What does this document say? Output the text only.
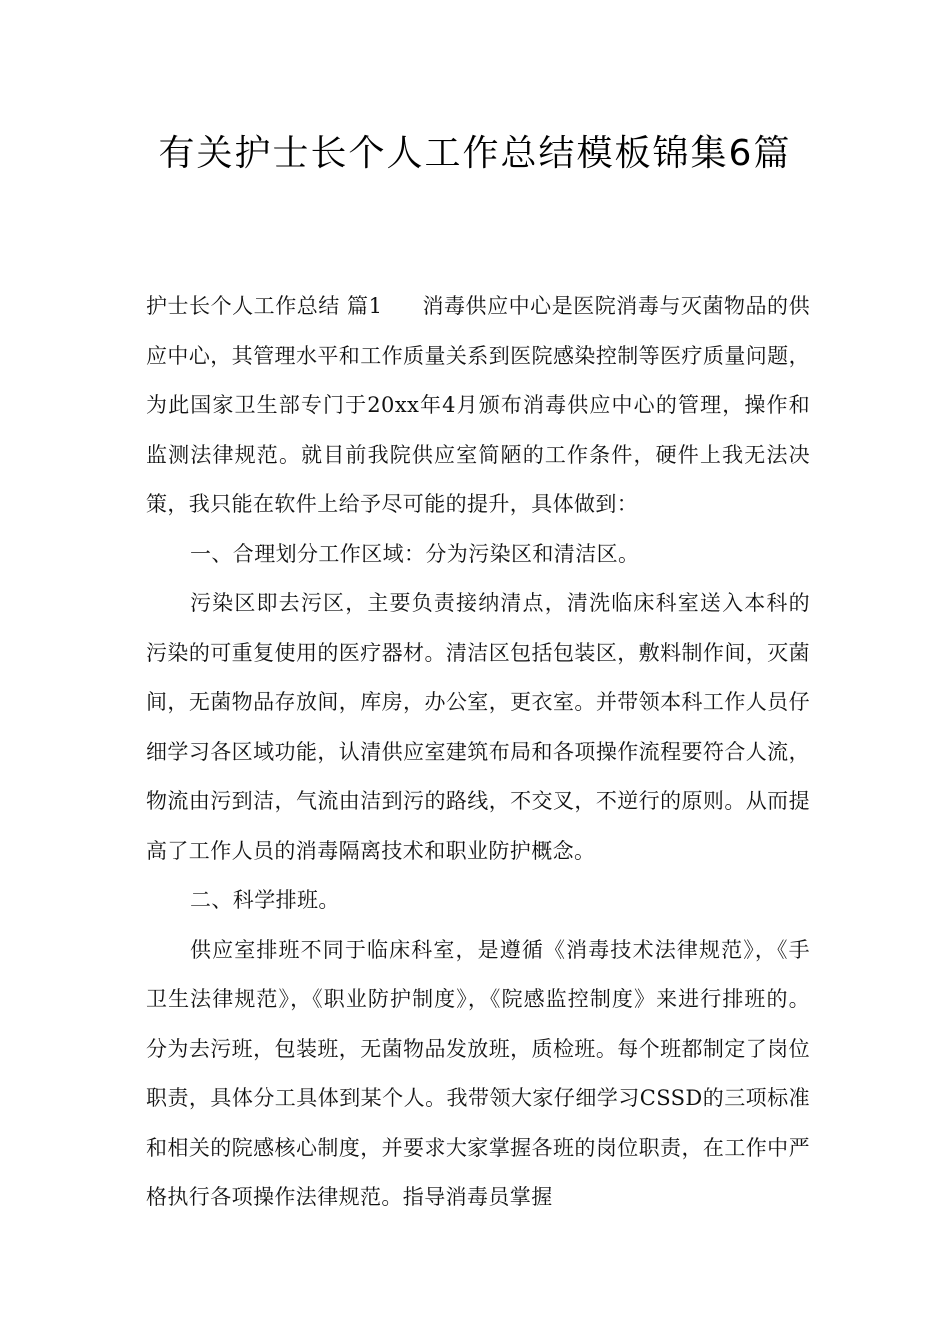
有关护士长个人工作总结模板锦集6篇

护士长个人工作总结 篇1 消毒供应中心是医院消毒与灭菌物品的供应中心，其管理水平和工作质量关系到医院感染控制等医疗质量问题，为此国家卫生部专门于20xx年4月颁布消毒供应中心的管理，操作和监测法律规范。就目前我院供应室简陋的工作条件，硬件上我无法决策，我只能在软件上给予尽可能的提升，具体做到：

一、合理划分工作区域：分为污染区和清洁区。

污染区即去污区，主要负责接纳清点，清洗临床科室送入本科的污染的可重复使用的医疗器材。清洁区包括包装区，敷料制作间，灭菌间，无菌物品存放间，库房，办公室，更衣室。并带领本科工作人员仔细学习各区域功能，认清供应室建筑布局和各项操作流程要符合人流，物流由污到洁，气流由洁到污的路线，不交叉，不逆行的原则。从而提高了工作人员的消毒隔离技术和职业防护概念。

二、科学排班。

供应室排班不同于临床科室，是遵循《消毒技术法律规范》，《手卫生法律规范》，《职业防护制度》，《院感监控制度》来进行排班的。分为去污班，包装班，无菌物品发放班，质检班。每个班都制定了岗位职责，具体分工具体到某个人。我带领大家仔细学习CSSD的三项标准和相关的院感核心制度，并要求大家掌握各班的岗位职责，在工作中严格执行各项操作法律规范。指导消毒员掌握
